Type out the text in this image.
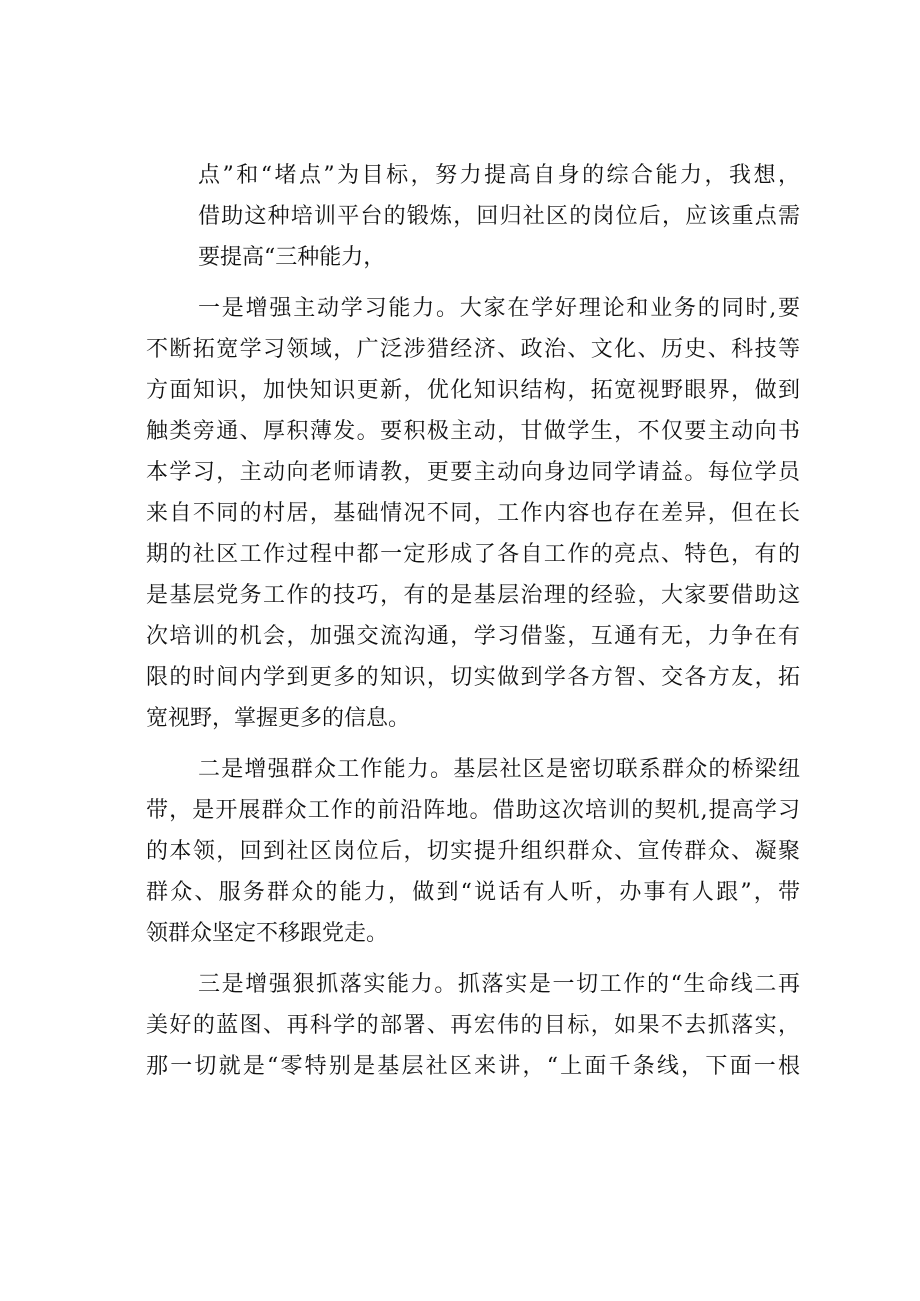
点”和“堵点”为目标，努力提高自身的综合能力，我想，
借助这种培训平台的锻炼，回归社区的岗位后，应该重点需
要提高“三种能力，
一是增强主动学习能力。大家在学好理论和业务的同时,要
不断拓宽学习领域，广泛涉猎经济、政治、文化、历史、科技等
方面知识，加快知识更新，优化知识结构，拓宽视野眼界，做到
触类旁通、厚积薄发。要积极主动，甘做学生，不仅要主动向书
本学习，主动向老师请教，更要主动向身边同学请益。每位学员
来自不同的村居，基础情况不同，工作内容也存在差异，但在长
期的社区工作过程中都一定形成了各自工作的亮点、特色，有的
是基层党务工作的技巧，有的是基层治理的经验，大家要借助这
次培训的机会，加强交流沟通，学习借鉴，互通有无，力争在有
限的时间内学到更多的知识，切实做到学各方智、交各方友，拓
宽视野，掌握更多的信息。
二是增强群众工作能力。基层社区是密切联系群众的桥梁纽
带，是开展群众工作的前沿阵地。借助这次培训的契机,提高学习
的本领，回到社区岗位后，切实提升组织群众、宣传群众、凝聚
群众、服务群众的能力，做到“说话有人听，办事有人跟”，带
领群众坚定不移跟党走。
三是增强狠抓落实能力。抓落实是一切工作的“生命线二再
美好的蓝图、再科学的部署、再宏伟的目标，如果不去抓落实，
那一切就是“零特别是基层社区来讲，“上面千条线，下面一根
